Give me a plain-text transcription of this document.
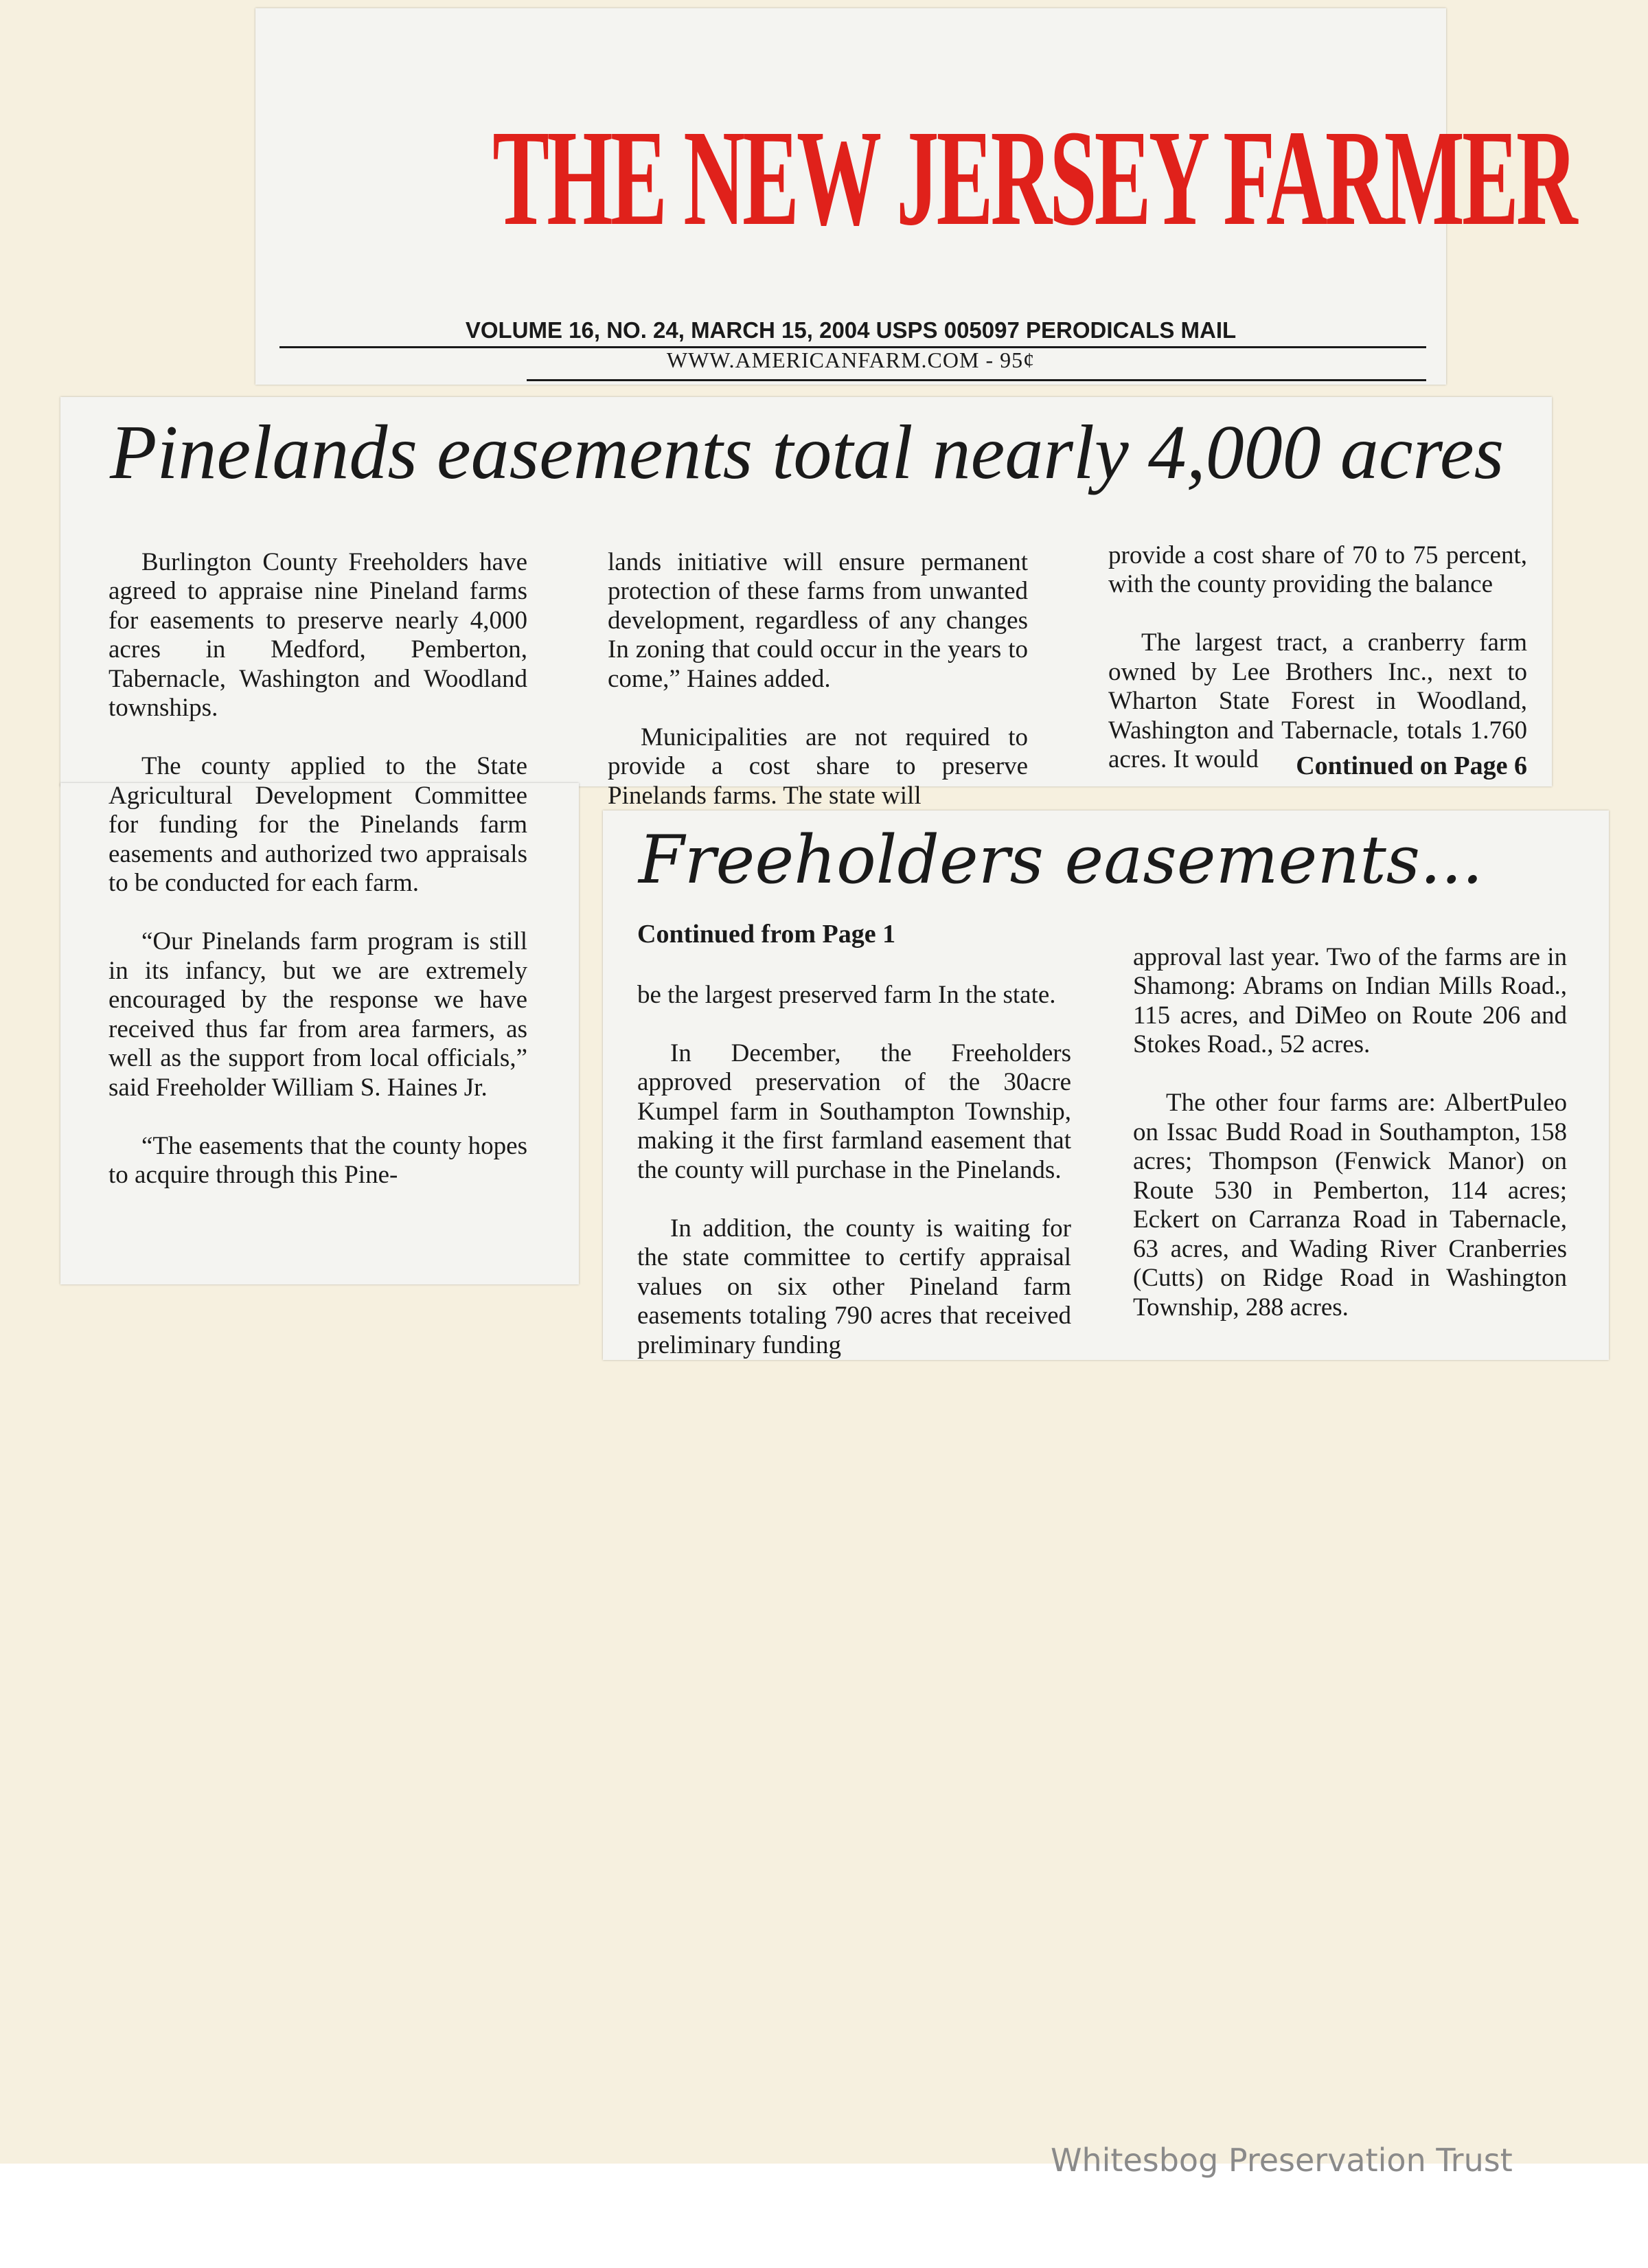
THE NEW JERSEY FARMER
VOLUME 16, NO. 24, MARCH 15, 2004 USPS 005097 PERODICALS MAIL
WWW.AMERICANFARM.COM - 95¢
Pinelands easements total nearly 4,000 acres

Burlington County Freeholders have agreed to appraise nine Pineland farms for easements to preserve nearly 4,000 acres in Medford, Pemberton, Tabernacle, Washington and Woodland townships.

The county applied to the State Agricultural Development Committee for funding for the Pinelands farm easements and authorized two appraisals to be conducted for each farm.

“Our Pinelands farm program is still in its infancy, but we are extremely encouraged by the response we have received thus far from area farmers, as well as the support from local officials,” said Freeholder William S. Haines Jr.

“The easements that the county hopes to acquire through this Pine-

lands initiative will ensure permanent protection of these farms from unwanted development, regardless of any changes In zoning that could occur in the years to come,” Haines added.

Municipalities are not required to provide a cost share to preserve Pinelands farms. The state will

provide a cost share of 70 to 75 percent, with the county providing the balance

The largest tract, a cranberry farm owned by Lee Brothers Inc., next to Wharton State Forest in Woodland, Washington and Tabernacle, totals 1.760 acres. It would	Continued on Page 6
Freeholders easements...
Continued from Page 1

be the largest preserved farm In the state.

In December, the Freeholders approved preservation of the 30acre Kumpel farm in Southampton Township, making it the first farmland easement that the county will purchase in the Pinelands.

In addition, the county is waiting for the state committee to certify appraisal values on six other Pineland farm easements totaling 790 acres that received preliminary funding

approval last year. Two of the farms are in Shamong: Abrams on Indian Mills Road., 115 acres, and DiMeo on Route 206 and Stokes Road., 52 acres.

The other four farms are: AlbertPuleo on Issac Budd Road in Southampton, 158 acres; Thompson (Fenwick Manor) on Route 530 in Pemberton, 114 acres; Eckert on Carranza Road in Tabernacle, 63 acres, and Wading River Cranberries (Cutts) on Ridge Road in Washington Township, 288 acres.

Whitesbog Preservation Trust
